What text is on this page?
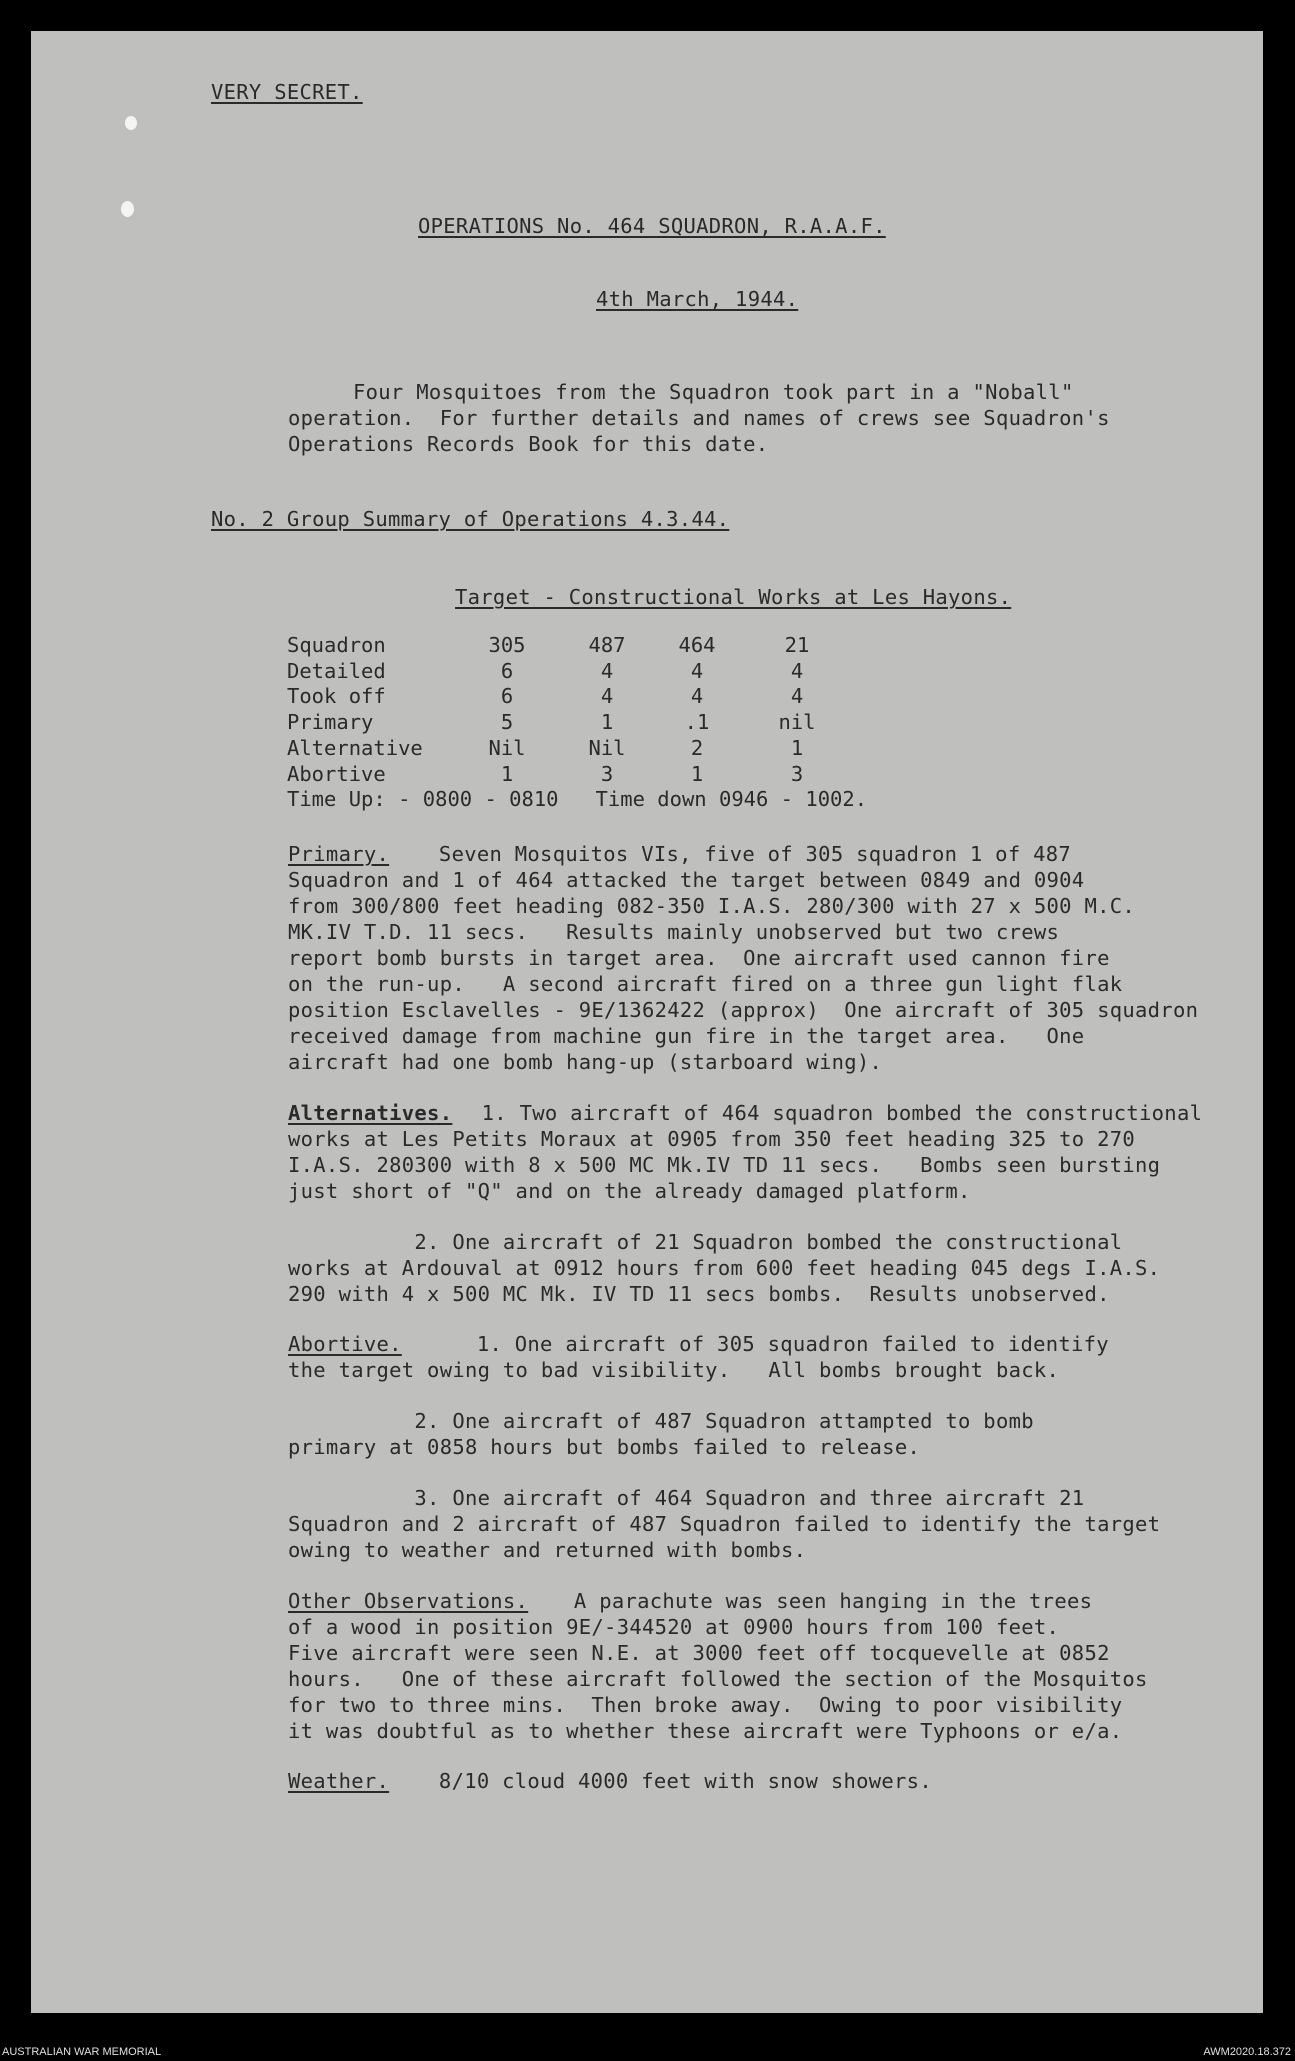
VERY SECRET.
OPERATIONS No. 464 SQUADRON, R.A.A.F.
4th March, 1944.
Four Mosquitoes from the Squadron took part in a "Noball"
operation.  For further details and names of crews see Squadron's
Operations Records Book for this date.
No. 2 Group Summary of Operations 4.3.44.
Target - Constructional Works at Les Hayons.
Squadron	305	487	464	21
Detailed	6	4	4	4
Took off	6	4	4	4
Primary	5	1	.1	nil
Alternative	Nil	Nil	2	1
Abortive	1	3	1	3
Time Up: - 0800 - 0810   Time down 0946 - 1002.
Primary. Seven Mosquitos VIs, five of 305 squadron 1 of 487
Squadron and 1 of 464 attacked the target between 0849 and 0904
from 300/800 feet heading 082-350 I.A.S. 280/300 with 27 x 500 M.C.
MK.IV T.D. 11 secs.   Results mainly unobserved but two crews
report bomb bursts in target area.  One aircraft used cannon fire
on the run-up.   A second aircraft fired on a three gun light flak
position Esclavelles - 9E/1362422 (approx)  One aircraft of 305 squadron
received damage from machine gun fire in the target area.   One
aircraft had one bomb hang-up (starboard wing).
Alternatives. 1. Two aircraft of 464 squadron bombed the constructional
works at Les Petits Moraux at 0905 from 350 feet heading 325 to 270
I.A.S. 280300 with 8 x 500 MC Mk.IV TD 11 secs.   Bombs seen bursting
just short of "Q" and on the already damaged platform.
2. One aircraft of 21 Squadron bombed the constructional
works at Ardouval at 0912 hours from 600 feet heading 045 degs I.A.S.
290 with 4 x 500 MC Mk. IV TD 11 secs bombs.  Results unobserved.
Abortive. 1. One aircraft of 305 squadron failed to identify
the target owing to bad visibility.   All bombs brought back.
2. One aircraft of 487 Squadron attampted to bomb
primary at 0858 hours but bombs failed to release.
3. One aircraft of 464 Squadron and three aircraft 21
Squadron and 2 aircraft of 487 Squadron failed to identify the target
owing to weather and returned with bombs.
Other Observations. A parachute was seen hanging in the trees
of a wood in position 9E/-344520 at 0900 hours from 100 feet.
Five aircraft were seen N.E. at 3000 feet off tocquevelle at 0852
hours.   One of these aircraft followed the section of the Mosquitos
for two to three mins.  Then broke away.  Owing to poor visibility
it was doubtful as to whether these aircraft were Typhoons or e/a.
Weather. 8/10 cloud 4000 feet with snow showers.
AUSTRALIAN WAR MEMORIAL	AWM2020.18.372
